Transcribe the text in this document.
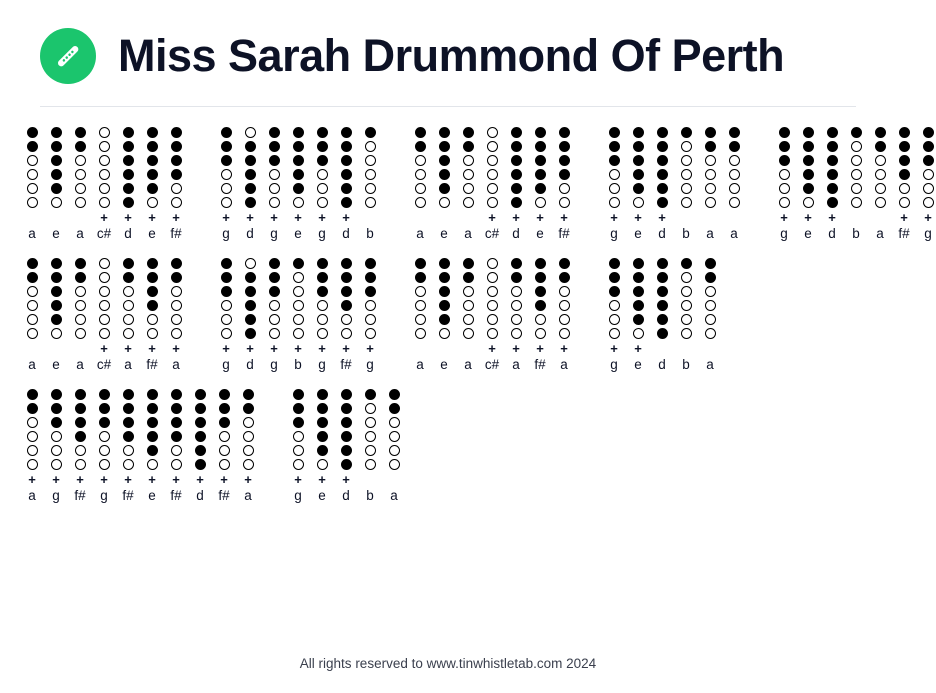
Miss Sarah Drummond Of Perth
a e a
+
c#
+
d
+
e
+
f#
+
g
+
d
+
g
+
e
+
g
+
d b	a e a
+
c#
+
d
+
e
+
f#
+
g
+
e
+
d b a a
+
g
+
e
+
d b a
+
f#
+
g
a e a
+
c#
+
a
+
f#
+
a
+
g
+
d
+
g
+
b
+
g
+
f#
+
g	a e a
+
c#
+
a
+
f#
+
a
+
g
+
e d b a
+
a
+
g
+
f#
+
g
+
f#
+
e
+
f#
+
d
+
f#
+
a
+
g
+
e
+
d b a
All rights reserved to www.tinwhistletab.com 2024
